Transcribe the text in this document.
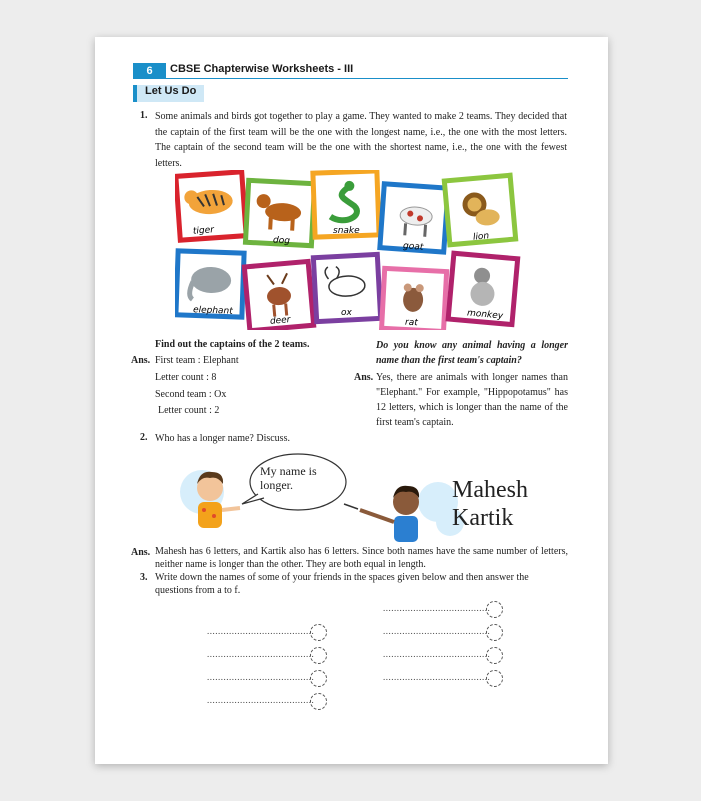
6	CBSE Chapterwise Worksheets - III
Let Us Do
1. Some animals and birds got together to play a game. They wanted to make 2 teams. They decided that the captain of the first team will be the one with the longest name, i.e., the one with the most letters. The captain of the second team will be the one with the shortest name, i.e., the one with the fewest letters.
tiger
dog
snake
goat
lion
elephant
deer
ox
rat
monkey
Find out the captains of the 2 teams.
Ans. First team : Elephant
Letter count : 8
Second team : Ox
Letter count : 2
Do you know any animal having a longer name than the first team's captain?
Ans. Yes, there are animals with longer names than "Elephant." For example, "Hippopotamus" has 12 letters, which is longer than the name of the first team's captain.
2. Who has a longer name? Discuss.
My name is longer.	Mahesh
Kartik
Ans. Mahesh has 6 letters, and Kartik also has 6 letters. Since both names have the same number of letters, neither name is longer than the other. They are both equal in length.
3. Write down the names of some of your friends in the spaces given below and then answer the questions from a to f.
.......................................
.......................................
.......................................
.......................................
.......................................
.......................................
.......................................
.......................................
